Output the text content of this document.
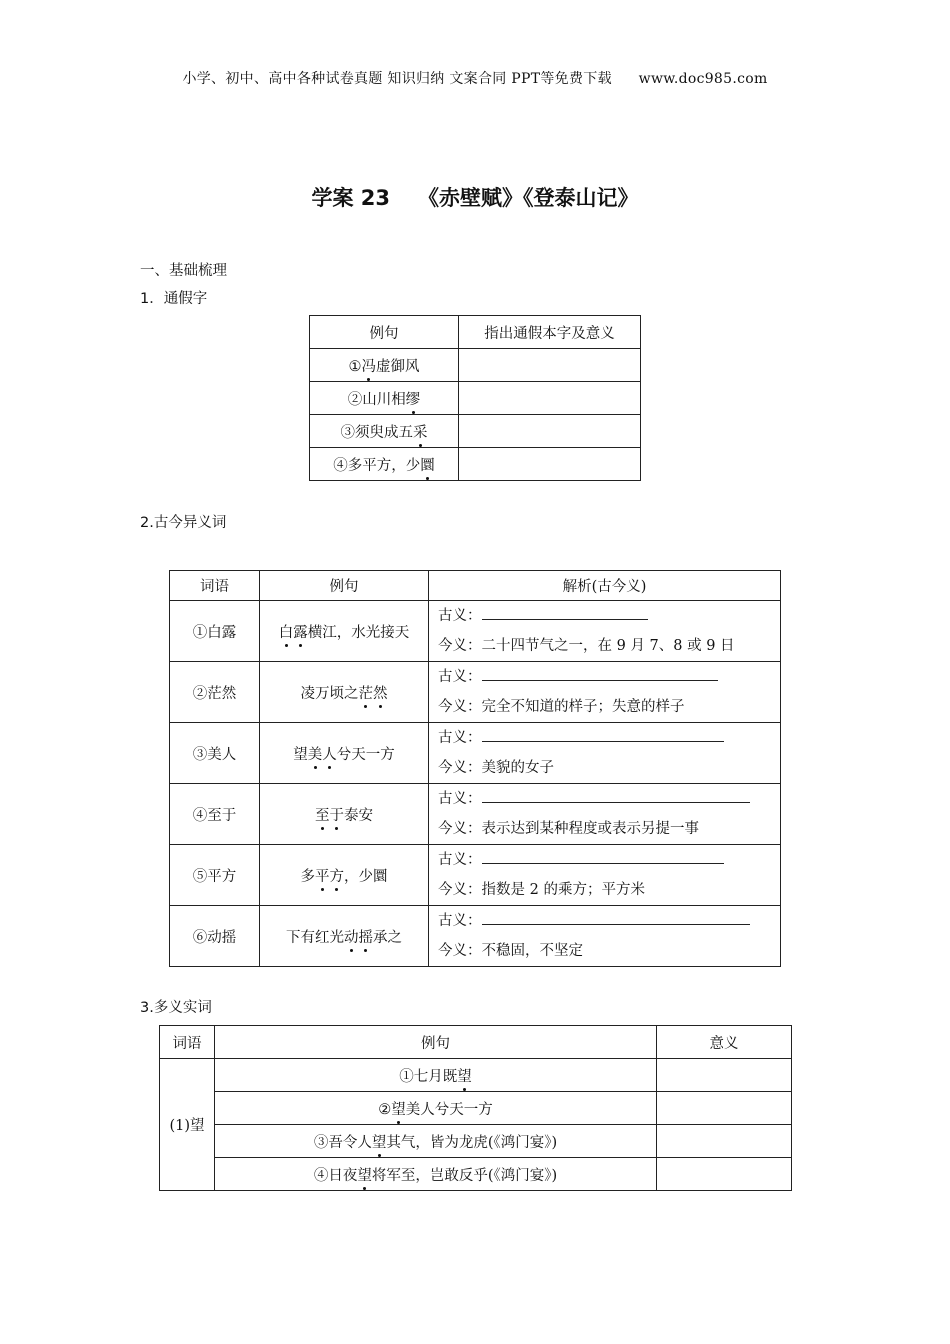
小学、初中、高中各种试卷真题 知识归纳 文案合同 PPT等免费下载 www.doc985.com
学案 23 《赤壁赋》《登泰山记》
一、基础梳理
1．通假字
例句	指出通假本字及意义
①冯虚御风	
②山川相缪	
③须臾成五采	
④多平方，少圜	
2.古今异义词
词语	例句	解析(古今义)
①白露	白露横江，水光接天	古义：
今义：二十四节气之一，在 9 月 7、8 或 9 日

②茫然	凌万顷之茫然	古义：
今义：完全不知道的样子；失意的样子

③美人	望美人兮天一方	古义：
今义：美貌的女子

④至于	至于泰安	古义：
今义：表示达到某种程度或表示另提一事

⑤平方	多平方，少圜	古义：
今义：指数是 2 的乘方；平方米

⑥动摇	下有红光动摇承之	古义：
今义：不稳固，不坚定
3.多义实词
词语	例句	意义
(1)望	①七月既望	
	②望美人兮天一方	
	③吾令人望其气，皆为龙虎(《鸿门宴》)	
	④日夜望将军至，岂敢反乎(《鸿门宴》)	
